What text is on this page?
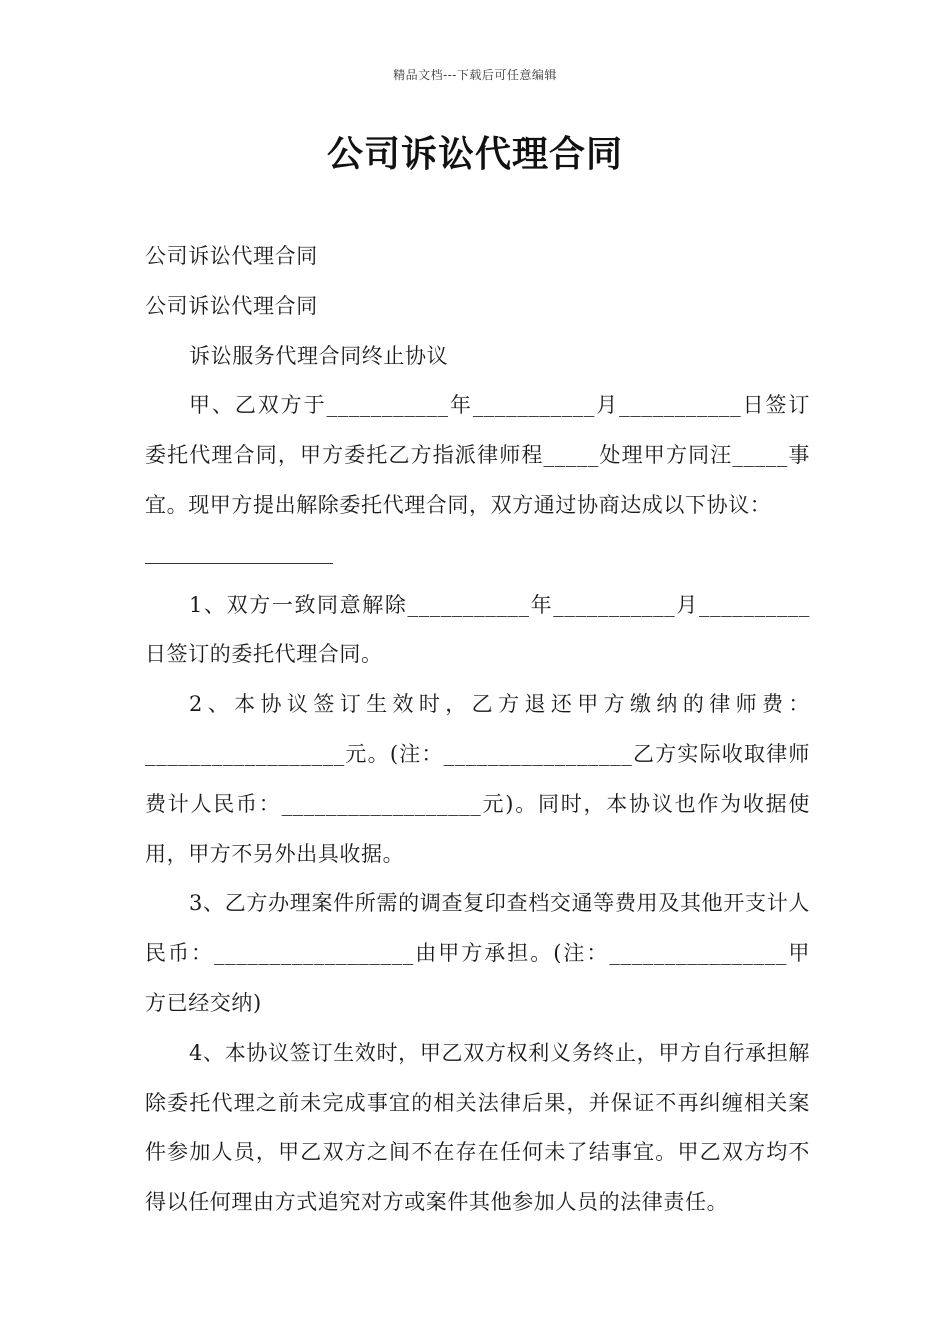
精品文档---下载后可任意编辑
公司诉讼代理合同

公司诉讼代理合同

公司诉讼代理合同

诉讼服务代理合同终止协议

甲、乙双方于___________年___________月___________日签订委托代理合同，甲方委托乙方指派律师程_____处理甲方同汪_____事宜。现甲方提出解除委托代理合同，双方通过协商达成以下协议：

1、双方一致同意解除___________年___________月__________日签订的委托代理合同。

2、本协议签订生效时，乙方退还甲方缴纳的律师费：__________________元。(注：_________________乙方实际收取律师费计人民币：__________________元)。同时，本协议也作为收据使用，甲方不另外出具收据。

3、乙方办理案件所需的调查复印查档交通等费用及其他开支计人民币：__________________由甲方承担。(注：________________甲方已经交纳)

4、本协议签订生效时，甲乙双方权利义务终止，甲方自行承担解除委托代理之前未完成事宜的相关法律后果，并保证不再纠缠相关案件参加人员，甲乙双方之间不在存在任何未了结事宜。甲乙双方均不得以任何理由方式追究对方或案件其他参加人员的法律责任。
